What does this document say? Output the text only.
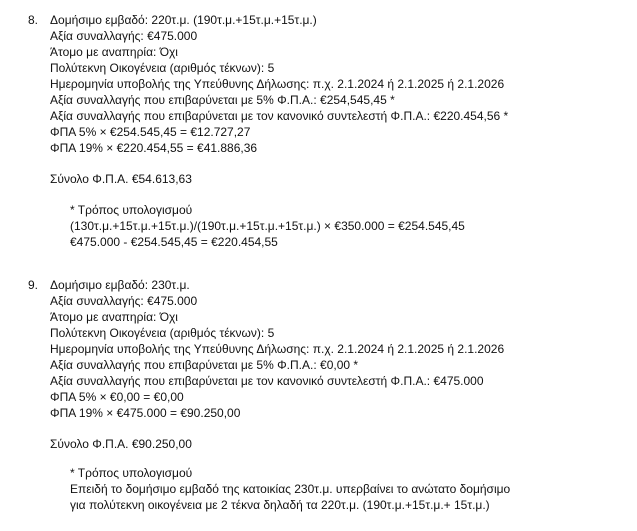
8. Δομήσιμο εμβαδό: 220τ.μ. (190τ.μ.+15τ.μ.+15τ.μ.)
Αξία συναλλαγής: €475.000
Άτομο με αναπηρία: Όχι
Πολύτεκνη Οικογένεια (αριθμός τέκνων): 5
Ημερομηνία υποβολής της Υπεύθυνης Δήλωσης: π.χ. 2.1.2024 ή 2.1.2025 ή 2.1.2026
Αξία συναλλαγής που επιβαρύνεται με 5% Φ.Π.Α.: €254,545,45 *
Αξία συναλλαγής που επιβαρύνεται με τον κανονικό συντελεστή Φ.Π.Α.: €220.454,56 *
ΦΠΑ 5% × €254.545,45 = €12.727,27
ΦΠΑ 19% × €220.454,55 = €41.886,36
Σύνολο Φ.Π.Α. €54.613,63
* Τρόπος υπολογισμού
(130τ.μ.+15τ.μ.+15τ.μ.)/(190τ.μ.+15τ.μ.+15τ.μ.) × €350.000 = €254.545,45
€475.000 - €254.545,45 = €220.454,55
9. Δομήσιμο εμβαδό: 230τ.μ.
Αξία συναλλαγής: €475.000
Άτομο με αναπηρία: Όχι
Πολύτεκνη Οικογένεια (αριθμός τέκνων): 5
Ημερομηνία υποβολής της Υπεύθυνης Δήλωσης: π.χ. 2.1.2024 ή 2.1.2025 ή 2.1.2026
Αξία συναλλαγής που επιβαρύνεται με 5% Φ.Π.Α.: €0,00 *
Αξία συναλλαγής που επιβαρύνεται με τον κανονικό συντελεστή Φ.Π.Α.: €475.000
ΦΠΑ 5% × €0,00 = €0,00
ΦΠΑ 19% × €475.000 = €90.250,00
Σύνολο Φ.Π.Α. €90.250,00
* Τρόπος υπολογισμού
Επειδή το δομήσιμο εμβαδό της κατοικίας 230τ.μ. υπερβαίνει το ανώτατο δομήσιμο
για πολύτεκνη οικογένεια με 2 τέκνα δηλαδή τα 220τ.μ. (190τ.μ.+15τ.μ.+ 15τ.μ.)
